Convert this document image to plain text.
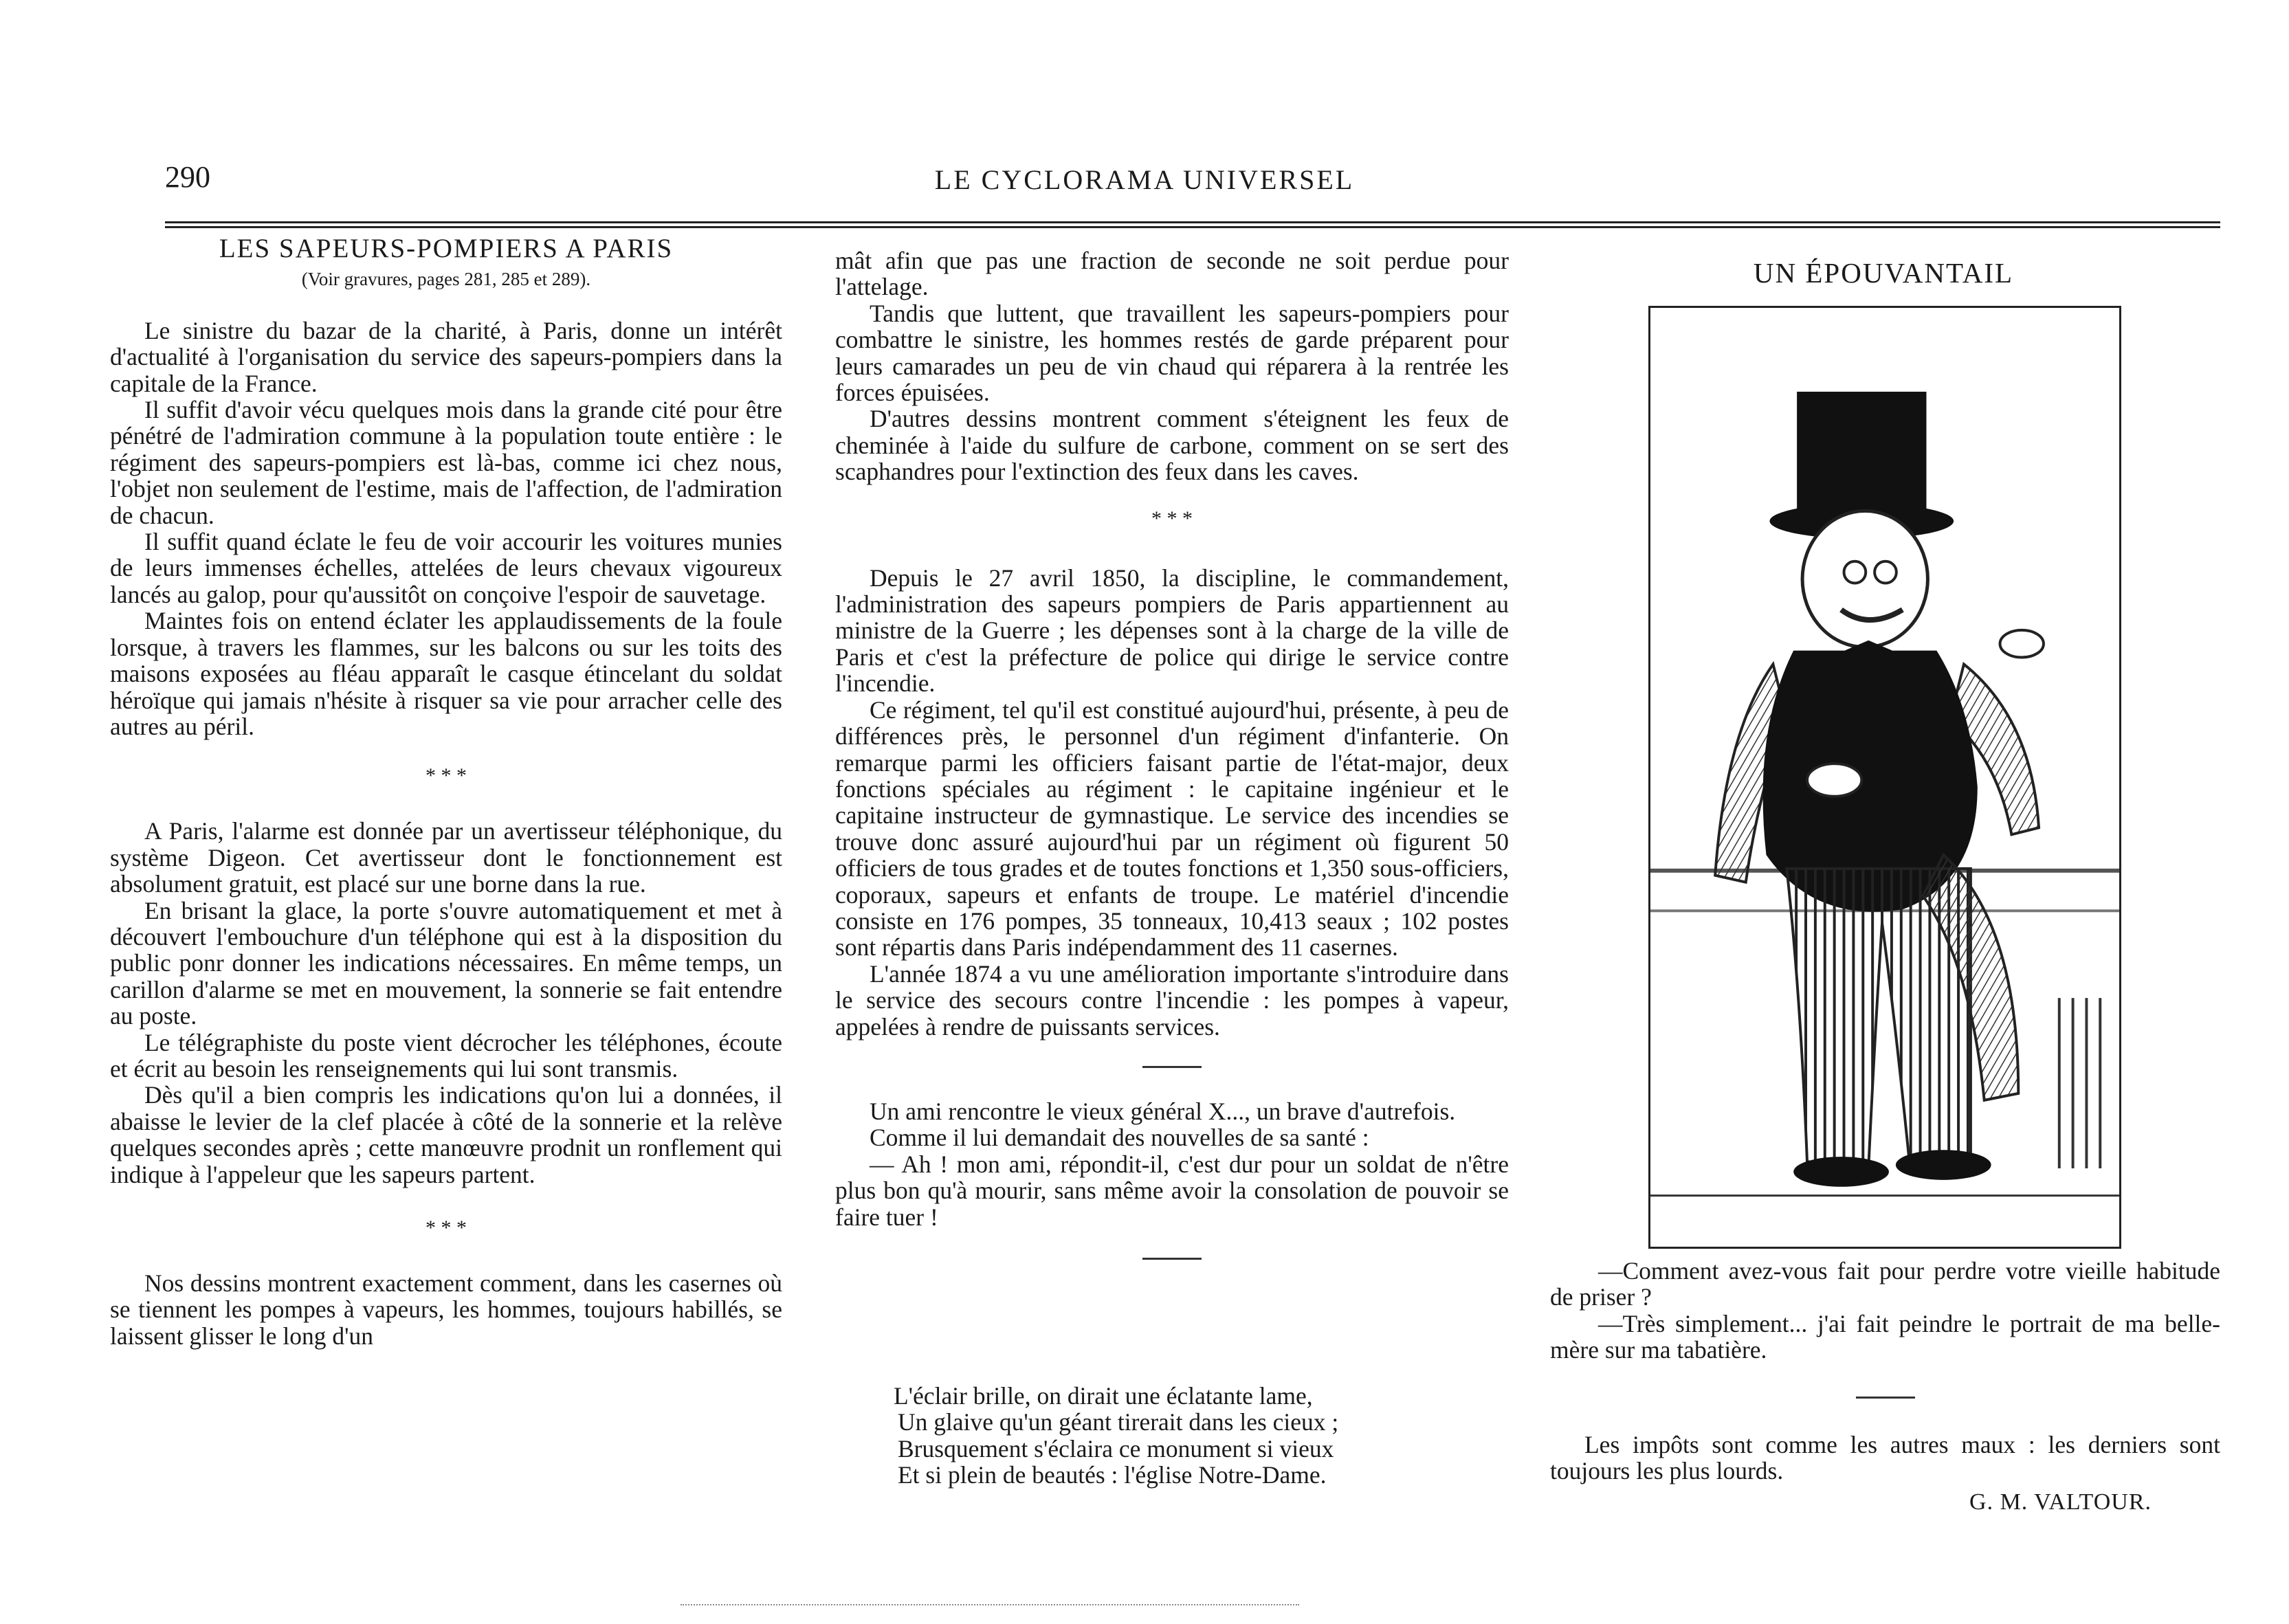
290	LE CYCLORAMA UNIVERSEL
LES SAPEURS-POMPIERS A PARIS
(Voir gravures, pages 281, 285 et 289).

Le sinistre du bazar de la charité, à Paris, donne un intérêt d'actualité à l'organisation du service des sapeurs-pompiers dans la capitale de la France.

Il suffit d'avoir vécu quelques mois dans la grande cité pour être pénétré de l'admiration commune à la population toute entière : le régiment des sapeurs-pompiers est là-bas, comme ici chez nous, l'objet non seulement de l'estime, mais de l'affection, de l'admiration de chacun.

Il suffit quand éclate le feu de voir accourir les voitures munies de leurs immenses échelles, attelées de leurs chevaux vigoureux lancés au galop, pour qu'aussitôt on conçoive l'espoir de sauvetage.

Maintes fois on entend éclater les applaudissements de la foule lorsque, à travers les flammes, sur les balcons ou sur les toits des maisons exposées au fléau apparaît le casque étincelant du soldat héroïque qui jamais n'hésite à risquer sa vie pour arracher celle des autres au péril.

* * *

A Paris, l'alarme est donnée par un avertisseur téléphonique, du système Digeon. Cet avertisseur dont le fonctionnement est absolument gratuit, est placé sur une borne dans la rue.

En brisant la glace, la porte s'ouvre automatiquement et met à découvert l'embouchure d'un téléphone qui est à la disposition du public ponr donner les indications nécessaires. En même temps, un carillon d'alarme se met en mouvement, la sonnerie se fait entendre au poste.

Le télégraphiste du poste vient décrocher les téléphones, écoute et écrit au besoin les renseignements qui lui sont transmis.

Dès qu'il a bien compris les indications qu'on lui a données, il abaisse le levier de la clef placée à côté de la sonnerie et la relève quelques secondes après ; cette manœuvre prodnit un ronflement qui indique à l'appeleur que les sapeurs partent.

* * *

Nos dessins montrent exactement comment, dans les casernes où se tiennent les pompes à vapeurs, les hommes, toujours habillés, se laissent glisser le long d'un

mât afin que pas une fraction de seconde ne soit perdue pour l'attelage.

Tandis que luttent, que travaillent les sapeurs-pompiers pour combattre le sinistre, les hommes restés de garde préparent pour leurs camarades un peu de vin chaud qui réparera à la rentrée les forces épuisées.

D'autres dessins montrent comment s'éteignent les feux de cheminée à l'aide du sulfure de carbone, comment on se sert des scaphandres pour l'extinction des feux dans les caves.

* * *

Depuis le 27 avril 1850, la discipline, le commandement, l'administration des sapeurs pompiers de Paris appartiennent au ministre de la Guerre ; les dépenses sont à la charge de la ville de Paris et c'est la préfecture de police qui dirige le service contre l'incendie.

Ce régiment, tel qu'il est constitué aujourd'hui, présente, à peu de différences près, le personnel d'un régiment d'infanterie. On remarque parmi les officiers faisant partie de l'état-major, deux fonctions spéciales au régiment : le capitaine ingénieur et le capitaine instructeur de gymnastique. Le service des incendies se trouve donc assuré aujourd'hui par un régiment où figurent 50 officiers de tous grades et de toutes fonctions et 1,350 sous-officiers, coporaux, sapeurs et enfants de troupe. Le matériel d'incendie consiste en 176 pompes, 35 tonneaux, 10,413 seaux ; 102 postes sont répartis dans Paris indépendamment des 11 casernes.

L'année 1874 a vu une amélioration importante s'introduire dans le service des secours contre l'incendie : les pompes à vapeur, appelées à rendre de puissants services.

Un ami rencontre le vieux général X..., un brave d'autrefois.

Comme il lui demandait des nouvelles de sa santé :

— Ah ! mon ami, répondit-il, c'est dur pour un soldat de n'être plus bon qu'à mourir, sans même avoir la consolation de pouvoir se faire tuer !

L'éclair brille, on dirait une éclatante lame,
Un glaive qu'un géant tirerait dans les cieux ;
Brusquement s'éclaira ce monument si vieux
Et si plein de beautés : l'église Notre-Dame.
UN ÉPOUVANTAIL

—Comment avez-vous fait pour perdre votre vieille habitude de priser ?

—Très simplement... j'ai fait peindre le portrait de ma belle-mère sur ma tabatière.

Les impôts sont comme les autres maux : les derniers sont toujours les plus lourds.

G. M. VALTOUR.
